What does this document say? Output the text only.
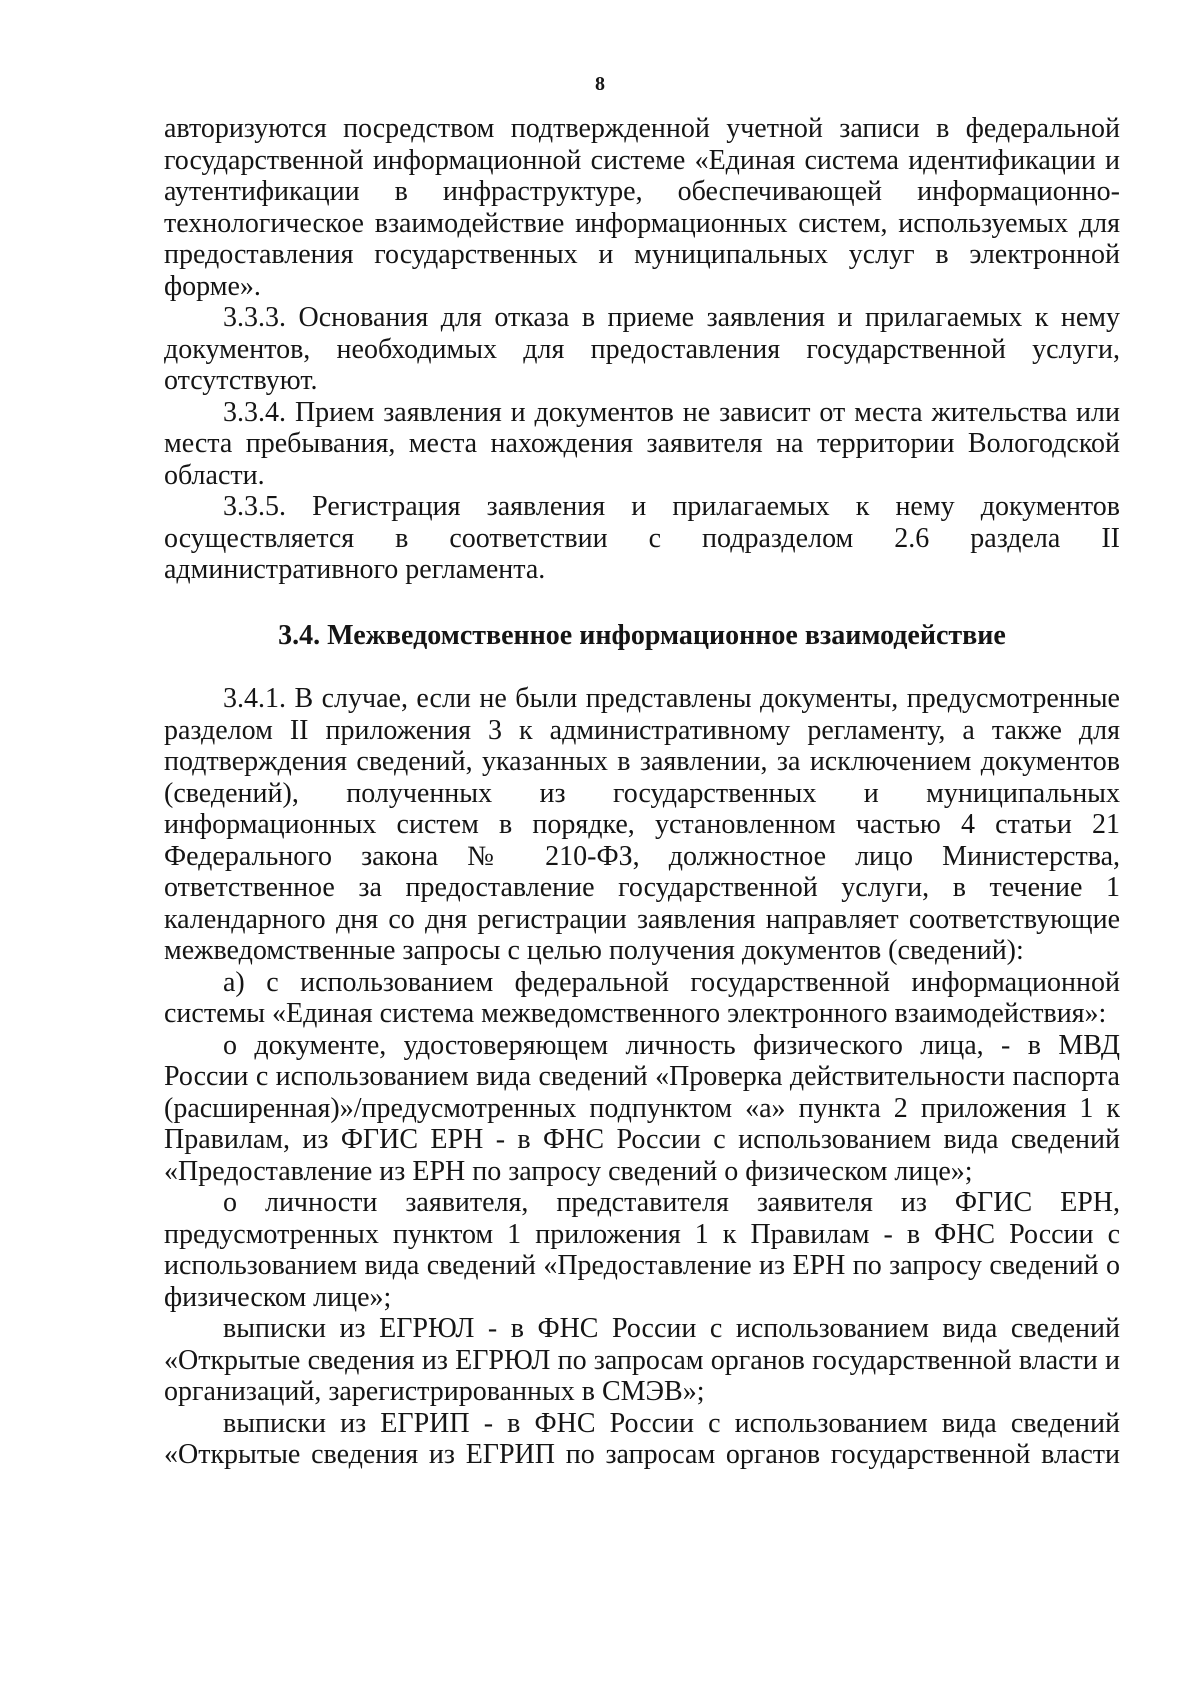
8

авторизуются посредством подтвержденной учетной записи в федеральной государственной информационной системе «Единая система идентификации и аутентификации в инфраструктуре, обеспечивающей информационно-технологическое взаимодействие информационных систем, используемых для предоставления государственных и муниципальных услуг в электронной форме».

3.3.3. Основания для отказа в приеме заявления и прилагаемых к нему документов, необходимых для предоставления государственной услуги, отсутствуют.

3.3.4. Прием заявления и документов не зависит от места жительства или места пребывания, места нахождения заявителя на территории Вологодской области.

3.3.5. Регистрация заявления и прилагаемых к нему документов осуществляется в соответствии с подразделом 2.6 раздела II административного регламента.

3.4. Межведомственное информационное взаимодействие

3.4.1. В случае, если не были представлены документы, предусмотренные разделом II приложения 3 к административному регламенту, а также для подтверждения сведений, указанных в заявлении, за исключением документов (сведений), полученных из государственных и муниципальных информационных систем в порядке, установленном частью 4 статьи 21 Федерального закона № 210-ФЗ, должностное лицо Министерства, ответственное за предоставление государственной услуги, в течение 1 календарного дня со дня регистрации заявления направляет соответствующие межведомственные запросы с целью получения документов (сведений):

а) с использованием федеральной государственной информационной системы «Единая система межведомственного электронного взаимодействия»:

о документе, удостоверяющем личность физического лица, - в МВД России с использованием вида сведений «Проверка действительности паспорта (расширенная)»/предусмотренных подпунктом «а» пункта 2 приложения 1 к Правилам, из ФГИС ЕРН - в ФНС России с использованием вида сведений «Предоставление из ЕРН по запросу сведений о физическом лице»;

о личности заявителя, представителя заявителя из ФГИС ЕРН, предусмотренных пунктом 1 приложения 1 к Правилам - в ФНС России с использованием вида сведений «Предоставление из ЕРН по запросу сведений о физическом лице»;

выписки из ЕГРЮЛ - в ФНС России с использованием вида сведений «Открытые сведения из ЕГРЮЛ по запросам органов государственной власти и организаций, зарегистрированных в СМЭВ»;

выписки из ЕГРИП - в ФНС России с использованием вида сведений «Открытые сведения из ЕГРИП по запросам органов государственной власти
